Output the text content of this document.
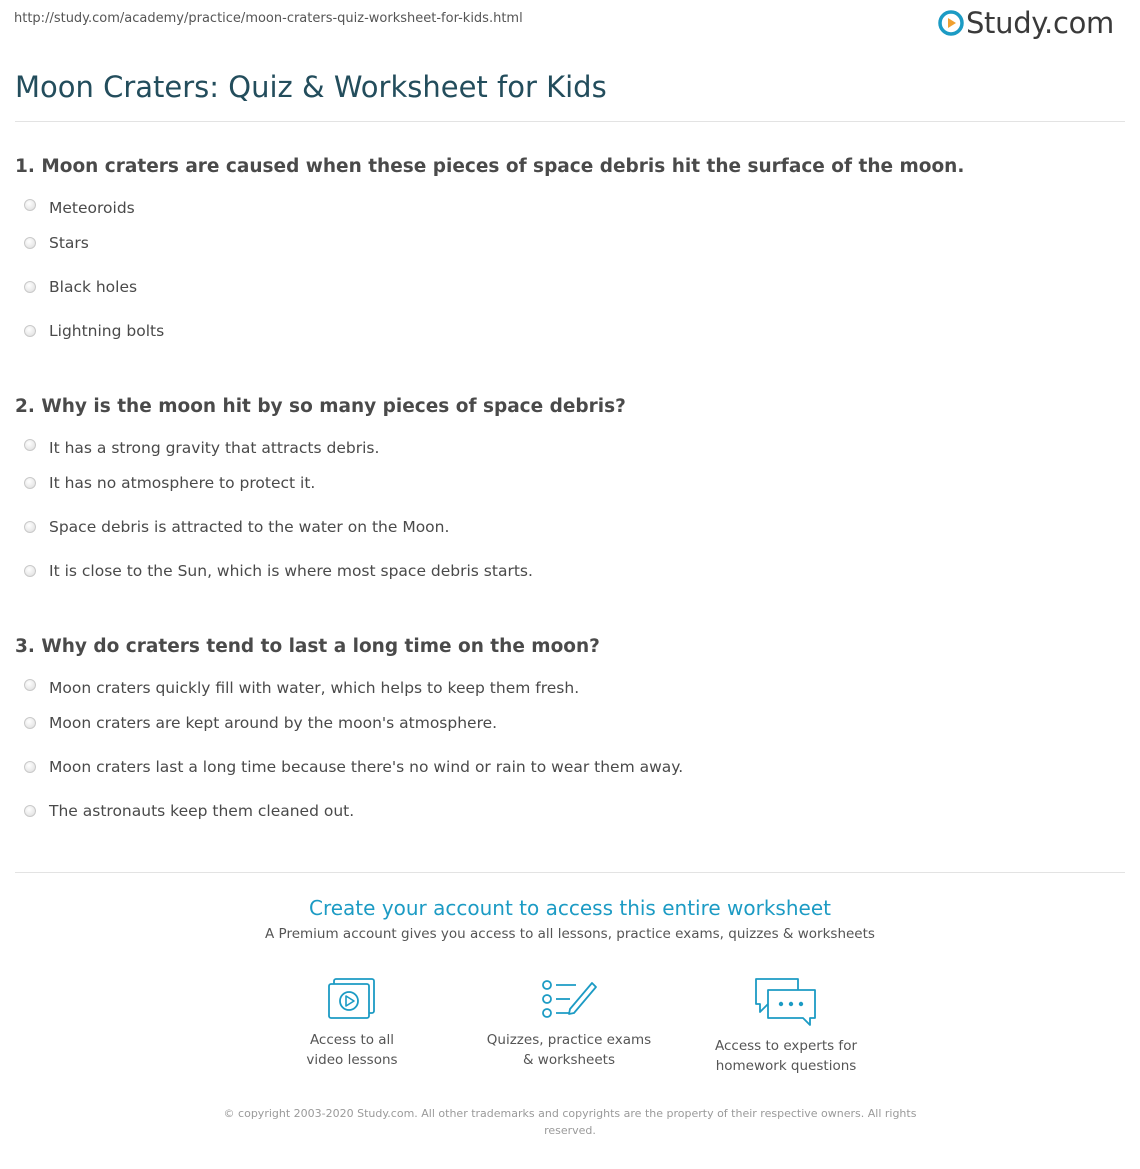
http://study.com/academy/practice/moon-craters-quiz-worksheet-for-kids.html	Study.com
Moon Craters: Quiz & Worksheet for Kids
1. Moon craters are caused when these pieces of space debris hit the surface of the moon.
Meteoroids
Stars
Black holes
Lightning bolts
2. Why is the moon hit by so many pieces of space debris?
It has a strong gravity that attracts debris.
It has no atmosphere to protect it.
Space debris is attracted to the water on the Moon.
It is close to the Sun, which is where most space debris starts.
3. Why do craters tend to last a long time on the moon?
Moon craters quickly fill with water, which helps to keep them fresh.
Moon craters are kept around by the moon's atmosphere.
Moon craters last a long time because there's no wind or rain to wear them away.
The astronauts keep them cleaned out.
Create your account to access this entire worksheet
A Premium account gives you access to all lessons, practice exams, quizzes & worksheets
Access to all
video lessons
Quizzes, practice exams
& worksheets
Access to experts for
homework questions
© copyright 2003-2020 Study.com. All other trademarks and copyrights are the property of their respective owners. All rights
reserved.
